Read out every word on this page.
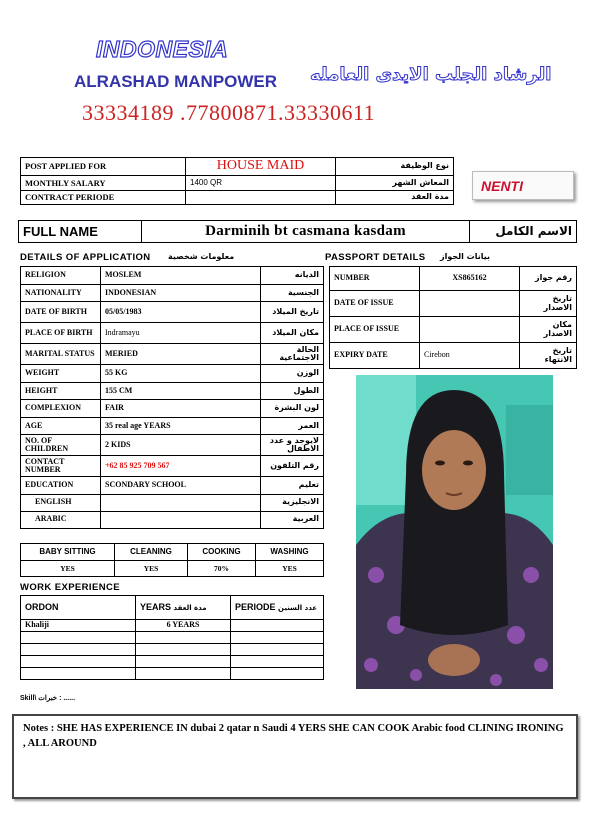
INDONESIA
ALRASHAD MANPOWER الرشاد الجلب الايدى العامله
33334189 .77800871.33330611
POST APPLIED FOR	HOUSE MAID	نوع الوظيفة
MONTHLY SALARY	1400 QR	المعاش الشهر
CONTRACT PERIODE		مدة العقد
NENTI
FULL NAME	Darminih bt casmana kasdam	الاسم الكامل
DETAILS OF APPLICATION معلومات شخصية	PASSPORT DETAILS بيانات الجواز
RELIGION	MOSLEM	الديانه
NATIONALITY	INDONESIAN	الجنسية
DATE OF BIRTH	05/05/1983	تاريخ الميلاد
PLACE OF BIRTH	Indramayu	مكان الميلاد
MARITAL STATUS	MERIED	الحالة الاجتماعية
WEIGHT	55 KG	الوزن
HEIGHT	155 CM	الطول
COMPLEXION	FAIR	لون البشرة
AGE	35 real age YEARS	العمر
NO. OF CHILDREN	2 KIDS	لايوجد و عدد الاطفال
CONTACT NUMBER	+62 85 925 709 567	رقم التلفون
EDUCATION	SCONDARY SCHOOL	تعليم
ENGLISH		الانجليزية
ARABIC		العربية
NUMBER	XS865162	رقم جواز
DATE OF ISSUE		تاريخ الاصدار
PLACE OF ISSUE		مكان الاصدار
EXPIRY DATE	Cirebon	تاريخ الانتهاء
BABY SITTING	CLEANING	COOKING	WASHING
YES	YES	70%	YES
WORK EXPERIENCE
ORDON	YEARS مدة العقد	PERIODE عدد السنين
Khaliji	6 YEARS	

Skill\ خبرات : ......
Notes : SHE HAS EXPERIENCE IN dubai 2 qatar n Saudi 4 YERS SHE CAN COOK Arabic food CLINING IRONING , ALL AROUND
